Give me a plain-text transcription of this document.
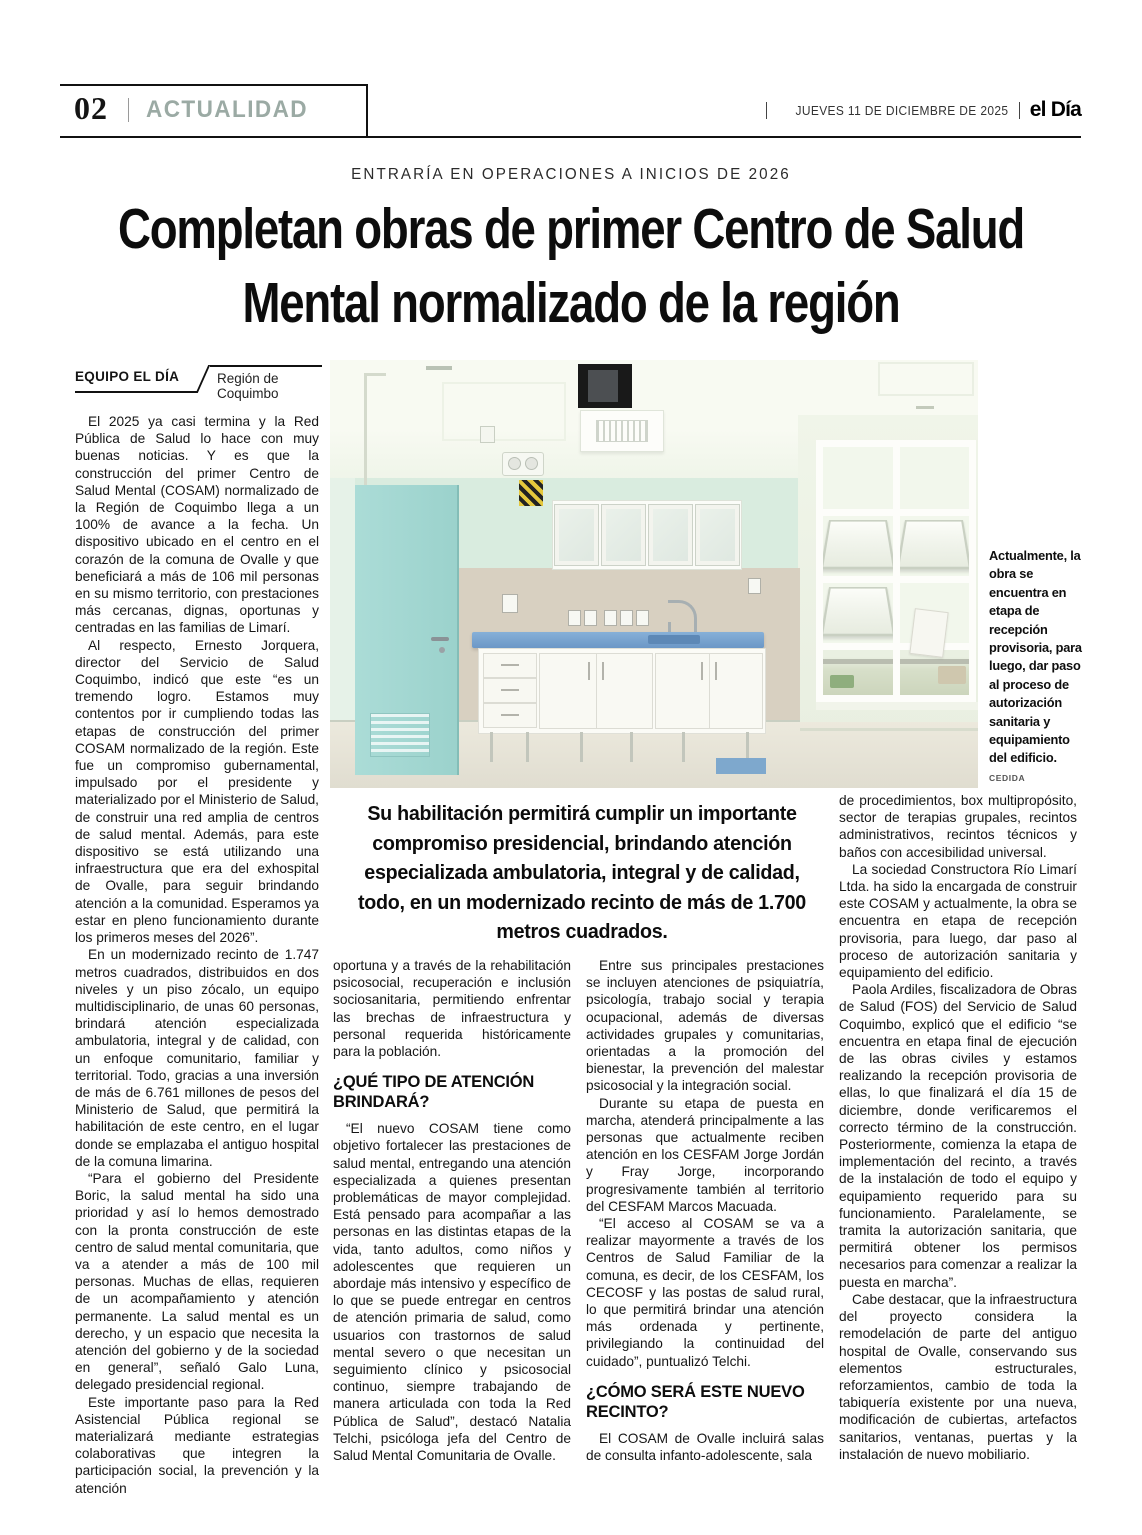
02 ACTUALIDAD	JUEVES 11 DE DICIEMBRE DE 2025 el Día
ENTRARÍA EN OPERACIONES A INICIOS DE 2026
Completan obras de primer Centro de Salud
Mental normalizado de la región
EQUIPO EL DÍA	Región de Coquimbo
Actualmente, la obra se encuentra en etapa de recepción provisoria, para luego, dar paso al proceso de autorización sanitaria y equipamiento del edificio.
CEDIDA
Su habilitación permitirá cumplir un importante compromiso presidencial, brindando atención especializada ambulatoria, integral y de calidad, todo, en un modernizado recinto de más de 1.700 metros cuadrados.

El 2025 ya casi termina y la Red Pública de Salud lo hace con muy buenas noticias. Y es que la construcción del primer Centro de Salud Mental (COSAM) normalizado de la Región de Coquimbo llega a un 100% de avance a la fecha. Un dispositivo ubicado en el centro en el corazón de la comuna de Ovalle y que beneficiará a más de 106 mil personas en su mismo territorio, con prestaciones más cercanas, dignas, oportunas y centradas en las familias de Limarí.

Al respecto, Ernesto Jorquera, director del Servicio de Salud Coquimbo, indicó que este “es un tremendo logro. Estamos muy contentos por ir cumpliendo todas las etapas de construcción del primer COSAM normalizado de la región. Este fue un compromiso gubernamental, impulsado por el presidente y materializado por el Ministerio de Salud, de construir una red amplia de centros de salud mental. Además, para este dispositivo se está utilizando una infraestructura que era del exhospital de Ovalle, para seguir brindando atención a la comunidad. Esperamos ya estar en pleno funcionamiento durante los primeros meses del 2026”.

En un modernizado recinto de 1.747 metros cuadrados, distribuidos en dos niveles y un piso zócalo, un equipo multidisciplinario, de unas 60 personas, brindará atención especializada ambulatoria, integral y de calidad, con un enfoque comunitario, familiar y territorial. Todo, gracias a una inversión de más de 6.761 millones de pesos del Ministerio de Salud, que permitirá la habilitación de este centro, en el lugar donde se emplazaba el antiguo hospital de la comuna limarina.

“Para el gobierno del Presidente Boric, la salud mental ha sido una prioridad y así lo hemos demostrado con la pronta construcción de este centro de salud mental comunitaria, que va a atender a más de 100 mil personas. Muchas de ellas, requieren de un acompañamiento y atención permanente. La salud mental es un derecho, y un espacio que necesita la atención del gobierno y de la sociedad en general”, señaló Galo Luna, delegado presidencial regional.

Este importante paso para la Red Asistencial Pública regional se materializará mediante estrategias colaborativas que integren la participación social, la prevención y la atención

oportuna y a través de la rehabilitación psicosocial, recuperación e inclusión sociosanitaria, permitiendo enfrentar las brechas de infraestructura y personal requerida históricamente para la población.

¿QUÉ TIPO DE ATENCIÓN BRINDARÁ?

“El nuevo COSAM tiene como objetivo fortalecer las prestaciones de salud mental, entregando una atención especializada a quienes presentan problemáticas de mayor complejidad. Está pensado para acompañar a las personas en las distintas etapas de la vida, tanto adultos, como niños y adolescentes que requieren un abordaje más intensivo y específico de lo que se puede entregar en centros de atención primaria de salud, como usuarios con trastornos de salud mental severo o que necesitan un seguimiento clínico y psicosocial continuo, siempre trabajando de manera articulada con toda la Red Pública de Salud”, destacó Natalia Telchi, psicóloga jefa del Centro de Salud Mental Comunitaria de Ovalle.

Entre sus principales prestaciones se incluyen atenciones de psiquiatría, psicología, trabajo social y terapia ocupacional, además de diversas actividades grupales y comunitarias, orientadas a la promoción del bienestar, la prevención del malestar psicosocial y la integración social.

Durante su etapa de puesta en marcha, atenderá principalmente a las personas que actualmente reciben atención en los CESFAM Jorge Jordán y Fray Jorge, incorporando progresivamente también al territorio del CESFAM Marcos Macuada.

“El acceso al COSAM se va a realizar mayormente a través de los Centros de Salud Familiar de la comuna, es decir, de los CESFAM, los CECOSF y las postas de salud rural, lo que permitirá brindar una atención más ordenada y pertinente, privilegiando la continuidad del cuidado”, puntualizó Telchi.

¿CÓMO SERÁ ESTE NUEVO RECINTO?

El COSAM de Ovalle incluirá salas de consulta infanto-adolescente, sala

de procedimientos, box multipropósito, sector de terapias grupales, recintos administrativos, recintos técnicos y baños con accesibilidad universal.

La sociedad Constructora Río Limarí Ltda. ha sido la encargada de construir este COSAM y actualmente, la obra se encuentra en etapa de recepción provisoria, para luego, dar paso al proceso de autorización sanitaria y equipamiento del edificio.

Paola Ardiles, fiscalizadora de Obras de Salud (FOS) del Servicio de Salud Coquimbo, explicó que el edificio “se encuentra en etapa final de ejecución de las obras civiles y estamos realizando la recepción provisoria de ellas, lo que finalizará el día 15 de diciembre, donde verificaremos el correcto término de la construcción. Posteriormente, comienza la etapa de implementación del recinto, a través de la instalación de todo el equipo y equipamiento requerido para su funcionamiento. Paralelamente, se tramita la autorización sanitaria, que permitirá obtener los permisos necesarios para comenzar a realizar la puesta en marcha”.

Cabe destacar, que la infraestructura del proyecto considera la remodelación de parte del antiguo hospital de Ovalle, conservando sus elementos estructurales, reforzamientos, cambio de toda la tabiquería existente por una nueva, modificación de cubiertas, artefactos sanitarios, ventanas, puertas y la instalación de nuevo mobiliario.
